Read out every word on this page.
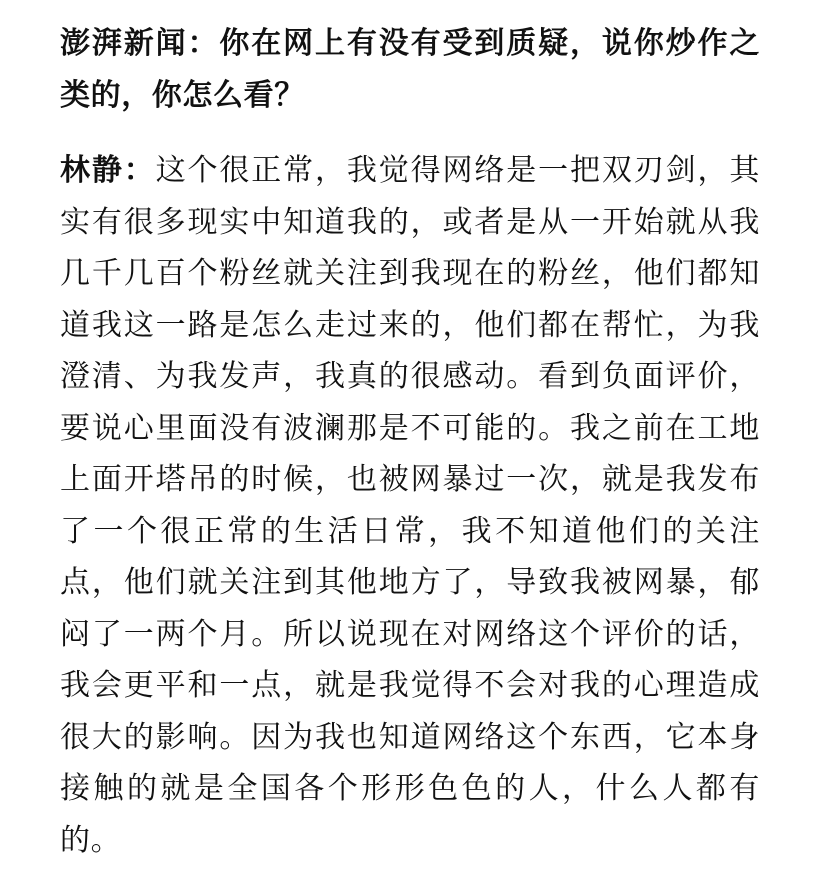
澎湃新闻：你在网上有没有受到质疑，说你炒作之类的，你怎么看？

林静：这个很正常，我觉得网络是一把双刃剑，其实有很多现实中知道我的，或者是从一开始就从我几千几百个粉丝就关注到我现在的粉丝，他们都知道我这一路是怎么走过来的，他们都在帮忙，为我澄清、为我发声，我真的很感动。看到负面评价，要说心里面没有波澜那是不可能的。我之前在工地上面开塔吊的时候，也被网暴过一次，就是我发布了一个很正常的生活日常，我不知道他们的关注点，他们就关注到其他地方了，导致我被网暴，郁闷了一两个月。所以说现在对网络这个评价的话，我会更平和一点，就是我觉得不会对我的心理造成很大的影响。因为我也知道网络这个东西，它本身接触的就是全国各个形形色色的人，什么人都有的。
